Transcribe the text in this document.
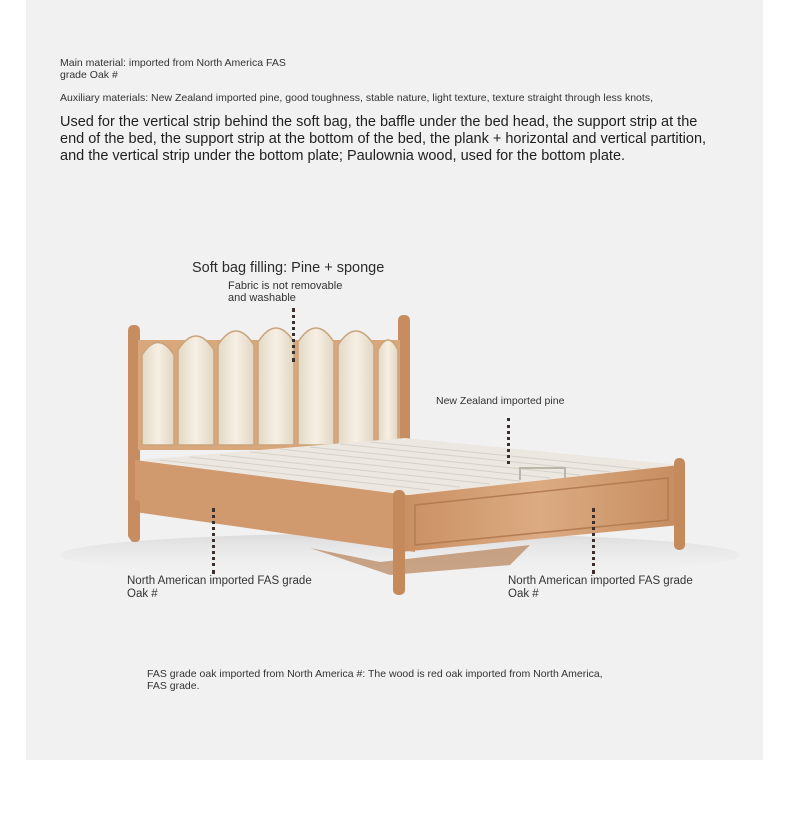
Main material: imported from North America FAS
grade Oak #

Auxiliary materials: New Zealand imported pine, good toughness, stable nature, light texture, texture straight through less knots,

Used for the vertical strip behind the soft bag, the baffle under the bed head, the support strip at the end of the bed, the support strip at the bottom of the bed, the plank + horizontal and vertical partition, and the vertical strip under the bottom plate; Paulownia wood, used for the bottom plate.

Soft bag filling: Pine + sponge

Fabric is not removable
and washable

New Zealand imported pine

North American imported FAS grade
Oak #

North American imported FAS grade
Oak #

FAS grade oak imported from North America #: The wood is red oak imported from North America,
FAS grade.
